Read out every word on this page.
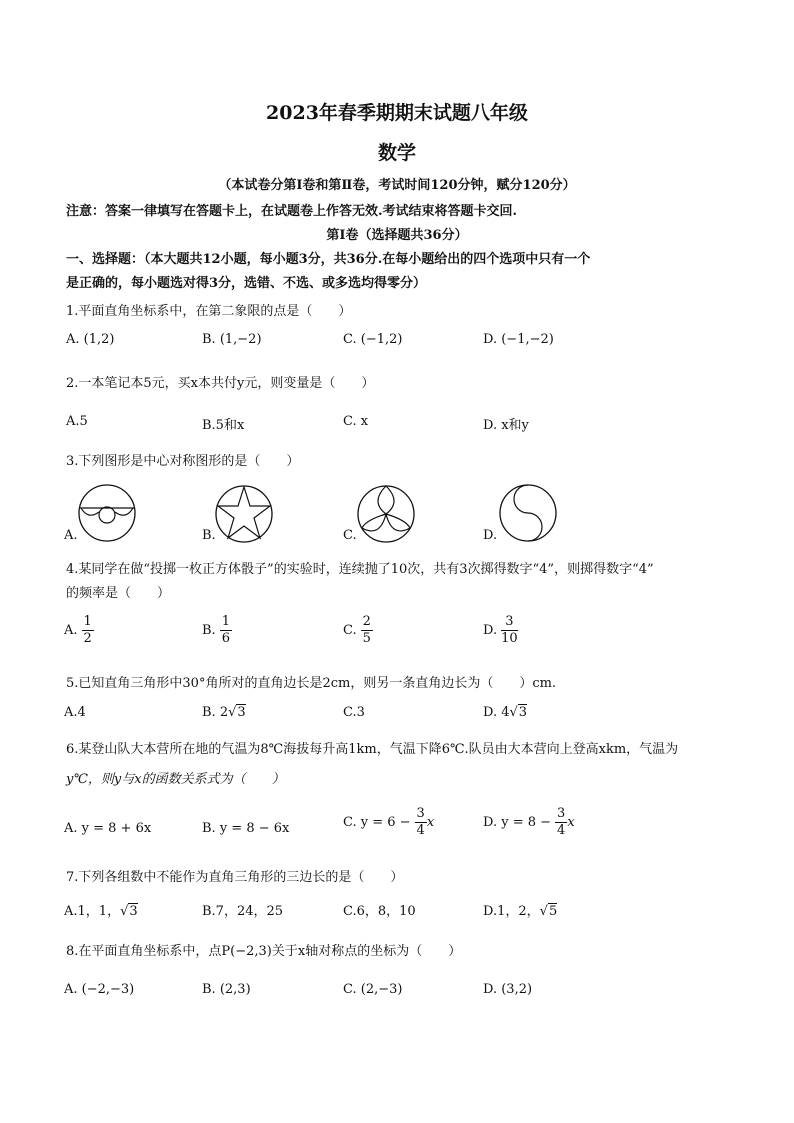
2023年春季期期末试题八年级
数学
（本试卷分第Ⅰ卷和第Ⅱ卷，考试时间120分钟，赋分120分）
注意：答案一律填写在答题卡上，在试题卷上作答无效.考试结束将答题卡交回.
第Ⅰ卷（选择题共36分）
一、选择题：（本大题共12小题，每小题3分，共36分.在每小题给出的四个选项中只有一个
是正确的，每小题选对得3分，选错、不选、或多选均得零分）
1.平面直角坐标系中，在第二象限的点是（　　）
A. (1,2)	B. (1,−2)	C. (−1,2)	D. (−1,−2)
2.一本笔记本5元，买x本共付y元，则变量是（　　）
A.5	B.5和x	C. x	D. x和y
3.下列图形是中心对称图形的是（　　）
A.	B.	C.	D.
4.某同学在做“投掷一枚正方体骰子”的实验时，连续抛了10次，共有3次掷得数字“4”，则掷得数字“4”
的频率是（　　）
A. $\frac{1}{2}$	B. $\frac{1}{6}$	C. $\frac{2}{5}$	D. $\frac{3}{10}$
5.已知直角三角形中30°角所对的直角边长是2cm，则另一条直角边长为（　　）cm.
A.4	B. 2√3	C.3	D. 4√3
6.某登山队大本营所在地的气温为8℃海拔每升高1km，气温下降6℃.队员由大本营向上登高xkm，气温为
y℃，则y与x的函数关系式为（　　）
A. y = 8 + 6x	B. y = 8 − 6x	C. $y = 6 - \frac{3}{4}$ x	D. $y = 8 - \frac{3}{4}$ x
7.下列各组数中不能作为直角三角形的三边长的是（　　）
A.1，1，√3	B.7，24，25	C.6，8，10	D.1，2，√5
8.在平面直角坐标系中，点P(−2,3)关于x轴对称点的坐标为（　　）
A. (−2,−3)	B. (2,3)	C. (2,−3)	D. (3,2)
